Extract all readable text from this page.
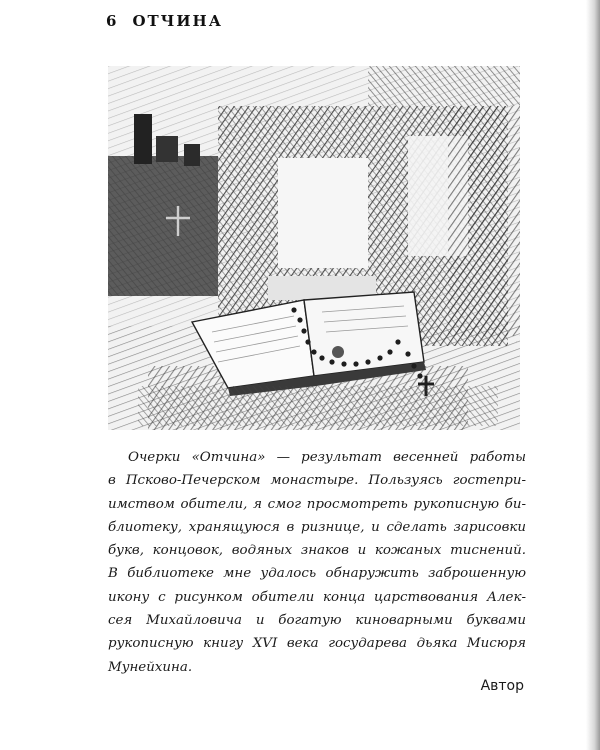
6 ОТЧИНА
Очерки «Отчина» — результат весенней работы
в Псково-Печерском монастыре. Пользуясь гостепри-
имством обители, я смог просмотреть рукописную би-
блиотеку, хранящуюся в ризнице, и сделать зарисовки
букв, концовок, водяных знаков и кожаных тиснений.
В библиотеке мне удалось обнаружить заброшенную
икону с рисунком обители конца царствования Алек-
сея Михайловича и богатую киноварными буквами
рукописную книгу XVI века государева дьяка Мисюря
Мунейхина.
Автор
